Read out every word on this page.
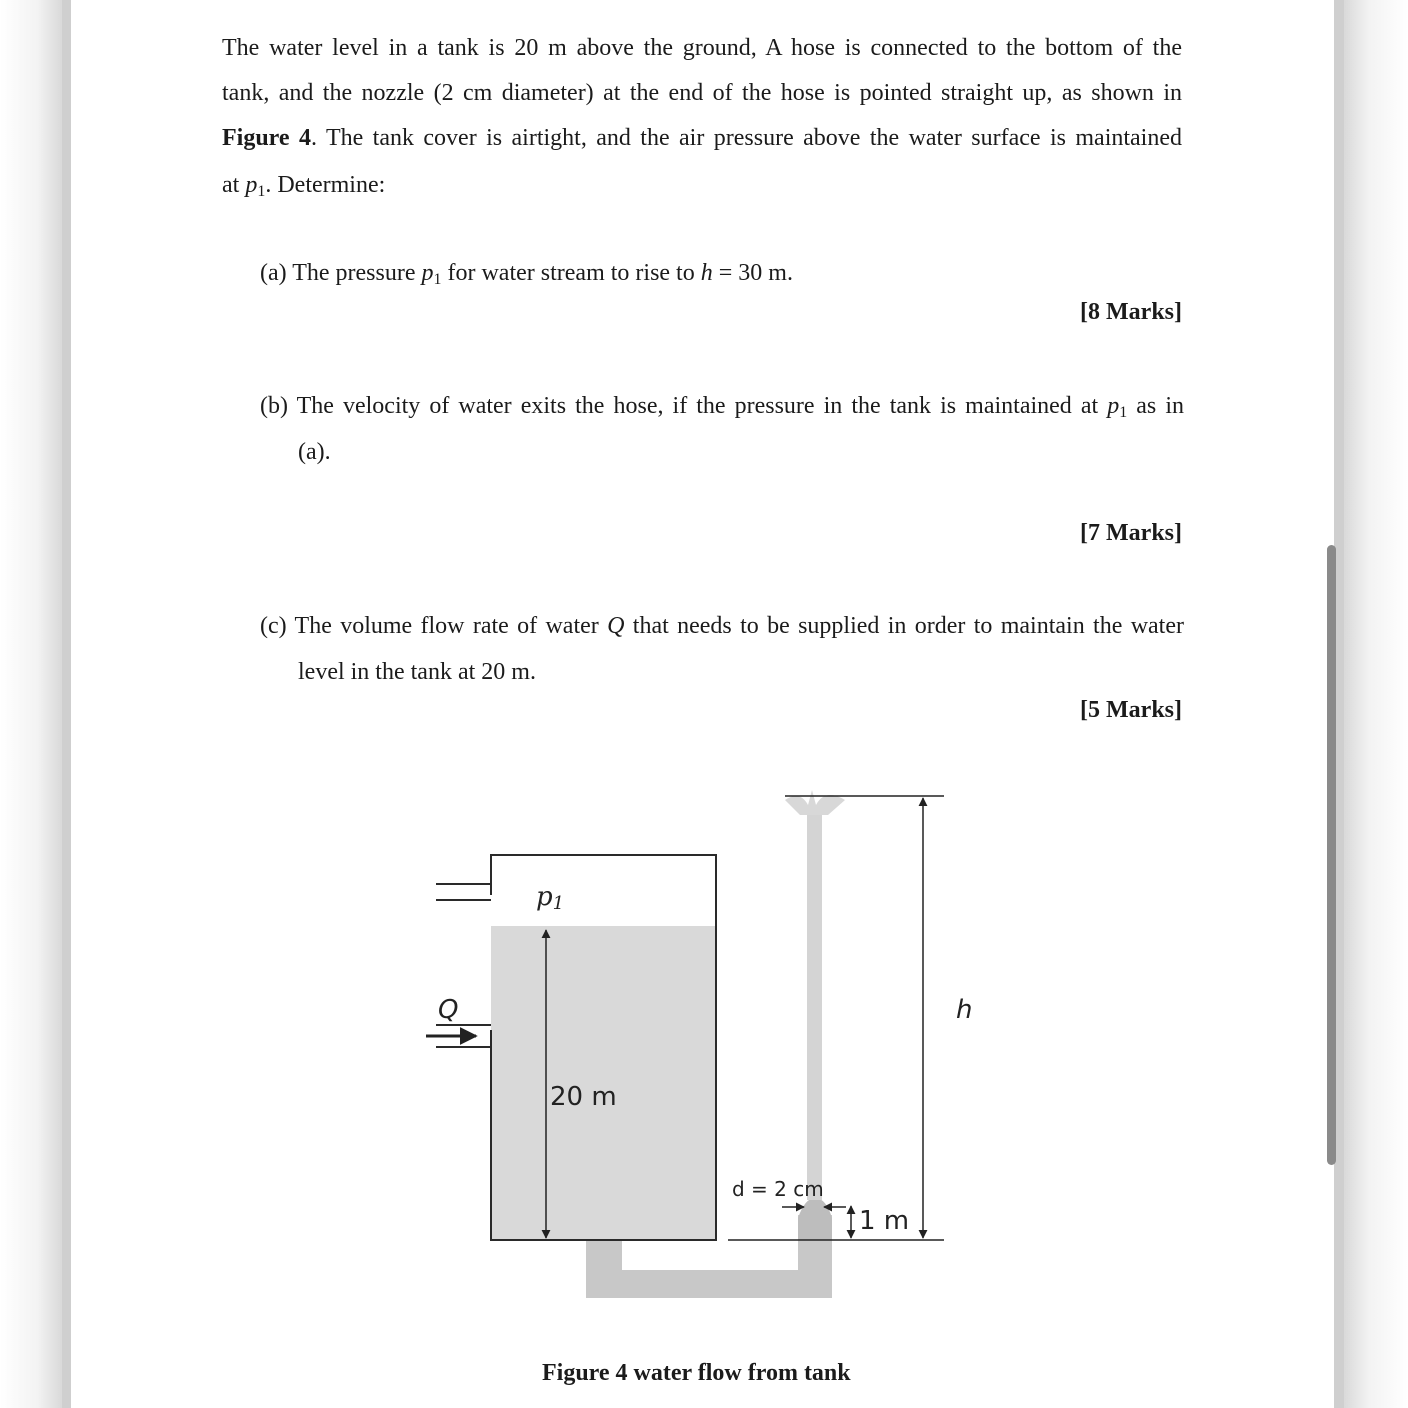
The water level in a tank is 20 m above the ground, A hose is connected to the bottom of the
tank, and the nozzle (2 cm diameter) at the end of the hose is pointed straight up, as shown in
Figure 4. The tank cover is airtight, and the air pressure above the water surface is maintained
at $p_1$. Determine:
(a) The pressure $p_1$ for water stream to rise to h = 30 m.
[8 Marks]
(b) The velocity of water exits the hose, if the pressure in the tank is maintained at $p_1$ as in
(a).
[7 Marks]
(c) The volume flow rate of water Q that needs to be supplied in order to maintain the water
level in the tank at 20 m.
[5 Marks]
p1
Q
20 m
h
d = 2 cm
1 m
Figure 4 water flow from tank
